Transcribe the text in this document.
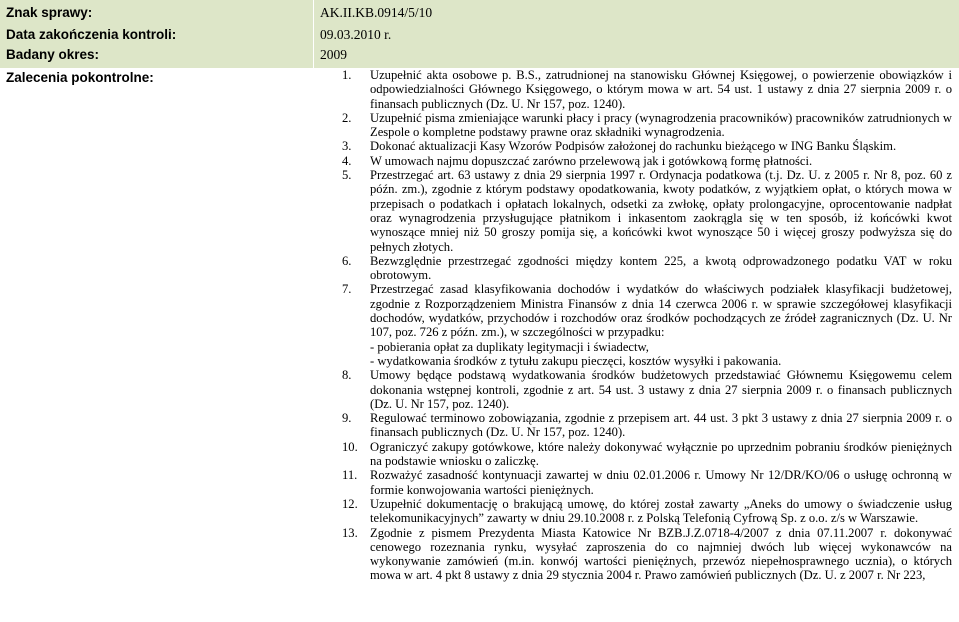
Znak sprawy:	AK.II.KB.0914/5/10
Data zakończenia kontroli:	09.03.2010 r.
Badany okres:	2009
Zalecenia pokontrolne:	1.	Uzupełnić akta osobowe p. B.S., zatrudnionej na stanowisku Głównej Księgowej, o powierzenie obowiązków i odpowiedzialności Głównego Księgowego, o którym mowa w art. 54 ust. 1 ustawy z dnia 27 sierpnia 2009 r. o finansach publicznych (Dz. U. Nr 157, poz. 1240).
2.	Uzupełnić pisma zmieniające warunki płacy i pracy (wynagrodzenia pracowników) pracowników zatrudnionych w Zespole o kompletne podstawy prawne oraz składniki wynagrodzenia.
3.	Dokonać aktualizacji Kasy Wzorów Podpisów założonej do rachunku bieżącego w ING Banku Śląskim.
4.	W umowach najmu dopuszczać zarówno przelewową jak i gotówkową formę płatności.
5.	Przestrzegać art. 63 ustawy z dnia 29 sierpnia 1997 r. Ordynacja podatkowa (t.j. Dz. U. z 2005 r. Nr 8, poz. 60 z późn. zm.), zgodnie z którym podstawy opodatkowania, kwoty podatków, z wyjątkiem opłat, o których mowa w przepisach o podatkach i opłatach lokalnych, odsetki za zwłokę, opłaty prolongacyjne, oprocentowanie nadpłat oraz wynagrodzenia przysługujące płatnikom i inkasentom zaokrągla się w ten sposób, iż końcówki kwot wynoszące mniej niż 50 groszy pomija się, a końcówki kwot wynoszące 50 i więcej groszy podwyższa się do pełnych złotych.
6.	Bezwzględnie przestrzegać zgodności między kontem 225, a kwotą odprowadzonego podatku VAT w roku obrotowym.
7.	Przestrzegać zasad klasyfikowania dochodów i wydatków do właściwych podziałek klasyfikacji budżetowej, zgodnie z Rozporządzeniem Ministra Finansów z dnia 14 czerwca 2006 r. w sprawie szczegółowej klasyfikacji dochodów, wydatków, przychodów i rozchodów oraz środków pochodzących ze źródeł zagranicznych (Dz. U. Nr 107, poz. 726 z późn. zm.), w szczególności w przypadku:
- pobierania opłat za duplikaty legitymacji i świadectw,
- wydatkowania środków z tytułu zakupu pieczęci, kosztów wysyłki i pakowania.
8.	Umowy będące podstawą wydatkowania środków budżetowych przedstawiać Głównemu Księgowemu celem dokonania wstępnej kontroli, zgodnie z art. 54 ust. 3 ustawy z dnia 27 sierpnia 2009 r. o finansach publicznych (Dz. U. Nr 157, poz. 1240).
9.	Regulować terminowo zobowiązania, zgodnie z przepisem art. 44 ust. 3 pkt 3 ustawy z dnia 27 sierpnia 2009 r. o finansach publicznych (Dz. U. Nr 157, poz. 1240).
10. Ograniczyć zakupy gotówkowe, które należy dokonywać wyłącznie po uprzednim pobraniu środków pieniężnych na podstawie wniosku o zaliczkę.
11.	Rozważyć zasadność kontynuacji zawartej w dniu 02.01.2006 r. Umowy Nr 12/DR/KO/06 o usługę ochronną w formie konwojowania wartości pieniężnych.
12. Uzupełnić dokumentację o brakującą umowę, do której został zawarty „Aneks do umowy o świadczenie usług telekomunikacyjnych” zawarty w dniu 29.10.2008 r. z Polską Telefonią Cyfrową Sp. z o.o. z/s w Warszawie.
13. Zgodnie z pismem Prezydenta Miasta Katowice Nr BZB.J.Z.0718-4/2007 z dnia 07.11.2007 r. dokonywać cenowego rozeznania rynku, wysyłać zaproszenia do co najmniej dwóch lub więcej wykonawców na wykonywanie zamówień (m.in. konwój wartości pieniężnych, przewóz niepełnosprawnego ucznia), o których mowa w art. 4 pkt 8 ustawy z dnia 29 stycznia 2004 r. Prawo zamówień publicznych (Dz. U. z 2007 r. Nr 223,
